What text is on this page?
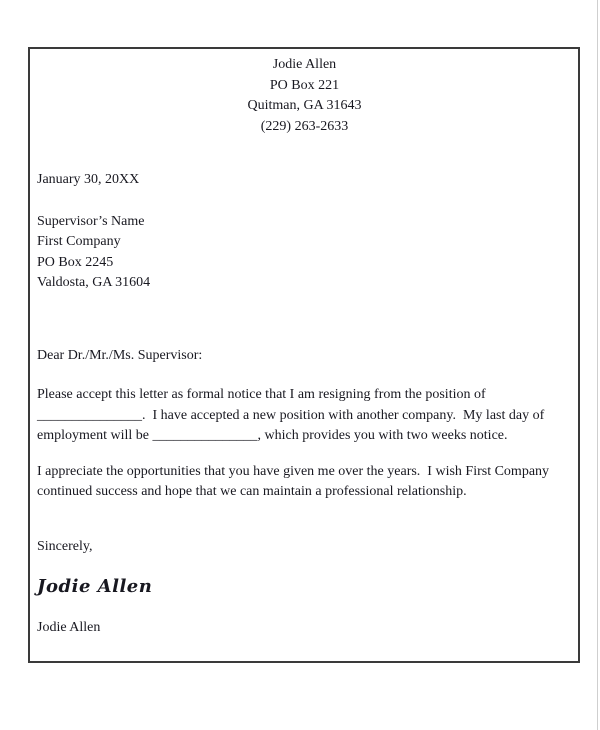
Jodie Allen
PO Box 221
Quitman, GA 31643
(229) 263-2633
January 30, 20XX
Supervisor’s Name
First Company
PO Box 2245
Valdosta, GA 31604
Dear Dr./Mr./Ms. Supervisor:
Please accept this letter as formal notice that I am resigning from the position of
_______________.  I have accepted a new position with another company.  My last day of
employment will be _______________, which provides you with two weeks notice.
I appreciate the opportunities that you have given me over the years.  I wish First Company
continued success and hope that we can maintain a professional relationship.
Sincerely,
Jodie Allen
Jodie Allen
